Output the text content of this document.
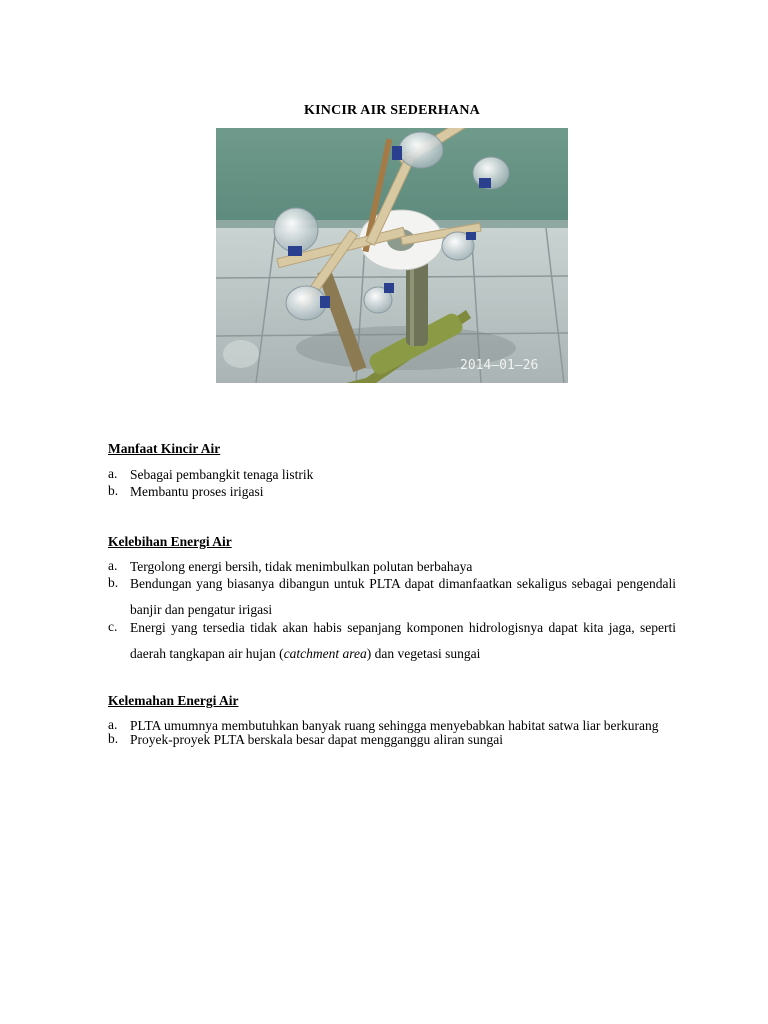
KINCIR AIR SEDERHANA
2014–01–26
Manfaat Kincir Air
a. Sebagai pembangkit tenaga listrik
b. Membantu proses irigasi
Kelebihan Energi Air
a. Tergolong energi bersih, tidak menimbulkan polutan berbahaya
b. Bendungan yang biasanya dibangun untuk PLTA dapat dimanfaatkan sekaligus sebagai pengendali banjir dan pengatur irigasi
c. Energi yang tersedia tidak akan habis sepanjang komponen hidrologisnya dapat kita jaga, seperti daerah tangkapan air hujan (catchment area) dan vegetasi sungai
Kelemahan Energi Air
a. PLTA umumnya membutuhkan banyak ruang sehingga menyebabkan habitat satwa liar berkurang
b. Proyek-proyek PLTA berskala besar dapat mengganggu aliran sungai
